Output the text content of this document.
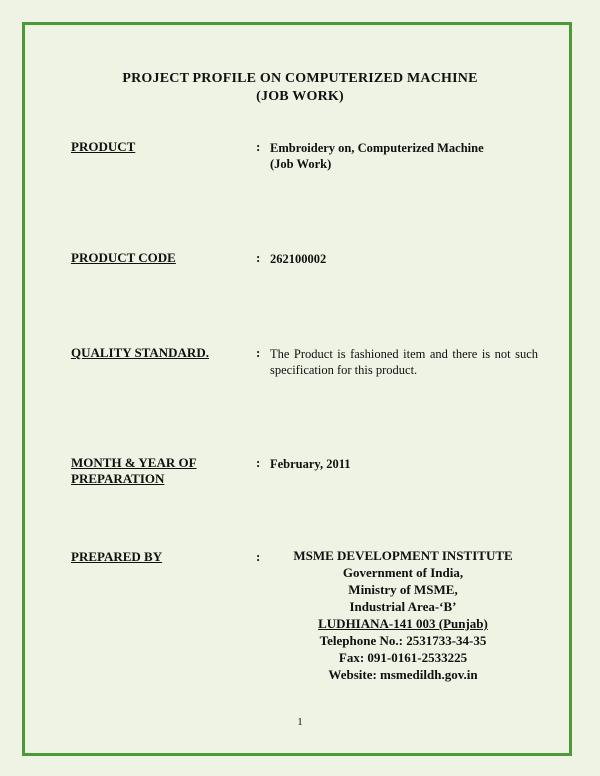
PROJECT PROFILE ON COMPUTERIZED MACHINE
(JOB WORK)
PRODUCT	: Embroidery on, Computerized Machine
(Job Work)
PRODUCT CODE	: 262100002
QUALITY STANDARD.	: The Product is fashioned item and there is not such specification for this product.
MONTH & YEAR OF
PREPARATION
: February, 2011
PREPARED BY	:	MSME DEVELOPMENT INSTITUTE
Government of India,
Ministry of MSME,
Industrial Area-‘B’
LUDHIANA-141 003 (Punjab)
Telephone No.: 2531733-34-35
Fax: 091-0161-2533225
Website: msmedildh.gov.in
1
